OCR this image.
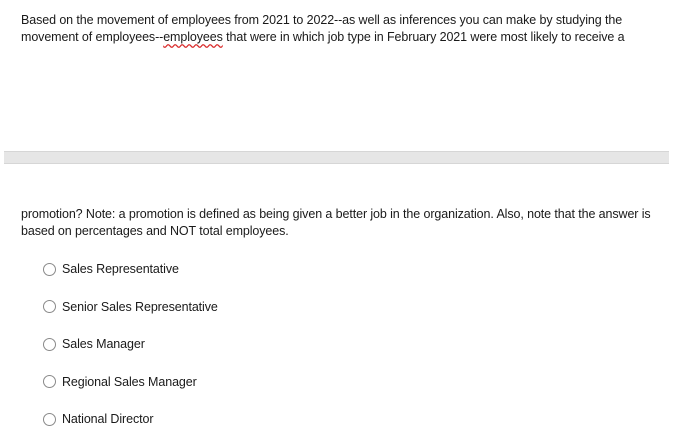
Based on the movement of employees from 2021 to 2022--as well as inferences you can make by studying the movement of employees--employees that were in which job type in February 2021 were most likely to receive a
promotion? Note: a promotion is defined as being given a better job in the organization. Also, note that the answer is based on percentages and NOT total employees.
Sales Representative
Senior Sales Representative
Sales Manager
Regional Sales Manager
National Director
